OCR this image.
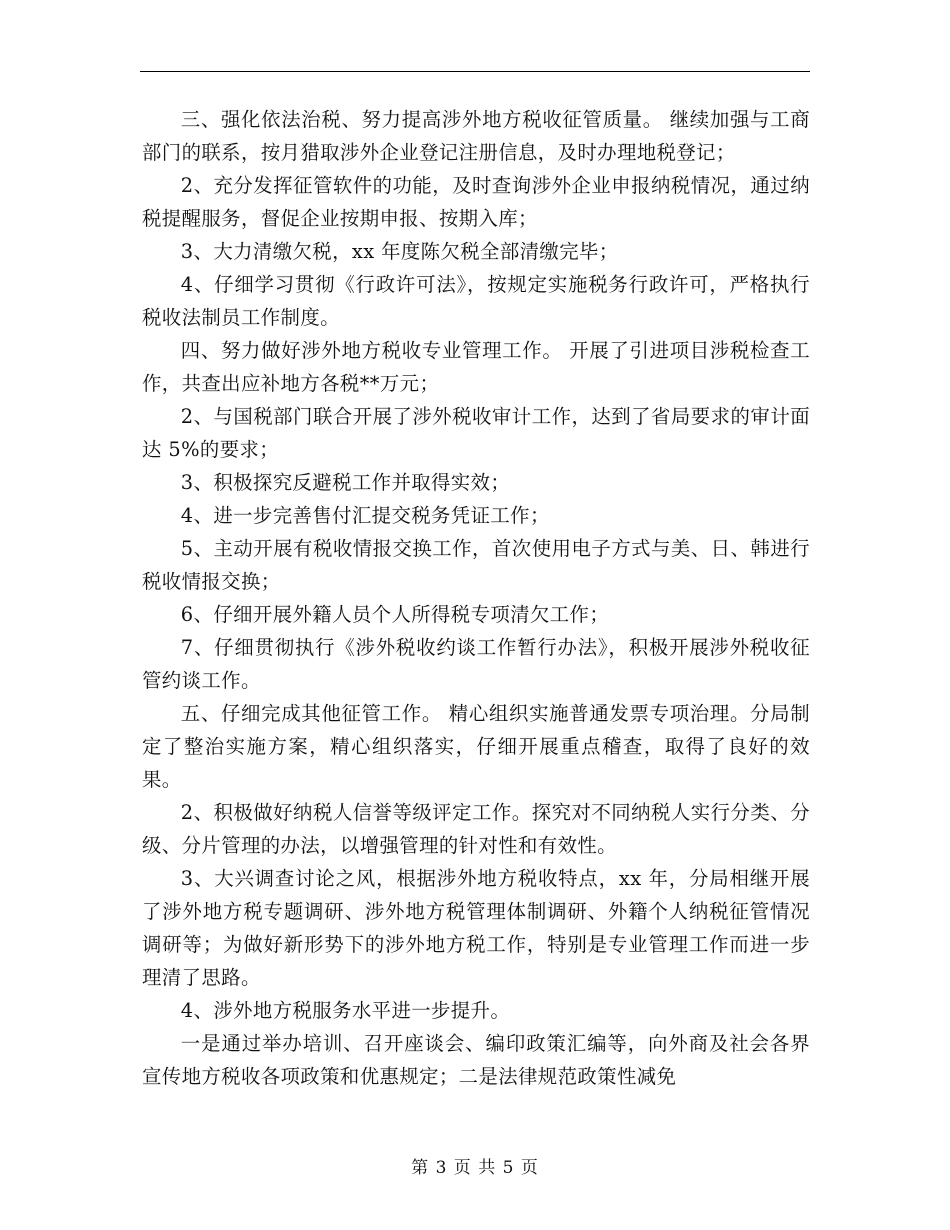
三、强化依法治税、努力提高涉外地方税收征管质量。 继续加强与工商部门的联系，按月猎取涉外企业登记注册信息，及时办理地税登记；

2、充分发挥征管软件的功能，及时查询涉外企业申报纳税情况，通过纳税提醒服务，督促企业按期申报、按期入库；

3、大力清缴欠税，xx 年度陈欠税全部清缴完毕；

4、仔细学习贯彻《行政许可法》，按规定实施税务行政许可，严格执行税收法制员工作制度。

四、努力做好涉外地方税收专业管理工作。 开展了引进项目涉税检查工作，共查出应补地方各税**万元；

2、与国税部门联合开展了涉外税收审计工作，达到了省局要求的审计面达 5%的要求；

3、积极探究反避税工作并取得实效；

4、进一步完善售付汇提交税务凭证工作；

5、主动开展有税收情报交换工作，首次使用电子方式与美、日、韩进行税收情报交换；

6、仔细开展外籍人员个人所得税专项清欠工作；

7、仔细贯彻执行《涉外税收约谈工作暂行办法》，积极开展涉外税收征管约谈工作。

五、仔细完成其他征管工作。 精心组织实施普通发票专项治理。分局制定了整治实施方案，精心组织落实，仔细开展重点稽查，取得了良好的效果。

2、积极做好纳税人信誉等级评定工作。探究对不同纳税人实行分类、分级、分片管理的办法，以增强管理的针对性和有效性。

3、大兴调查讨论之风，根据涉外地方税收特点，xx 年，分局相继开展了涉外地方税专题调研、涉外地方税管理体制调研、外籍个人纳税征管情况调研等；为做好新形势下的涉外地方税工作，特别是专业管理工作而进一步理清了思路。

4、涉外地方税服务水平进一步提升。

一是通过举办培训、召开座谈会、编印政策汇编等，向外商及社会各界宣传地方税收各项政策和优惠规定；二是法律规范政策性减免

第 3 页 共 5 页
